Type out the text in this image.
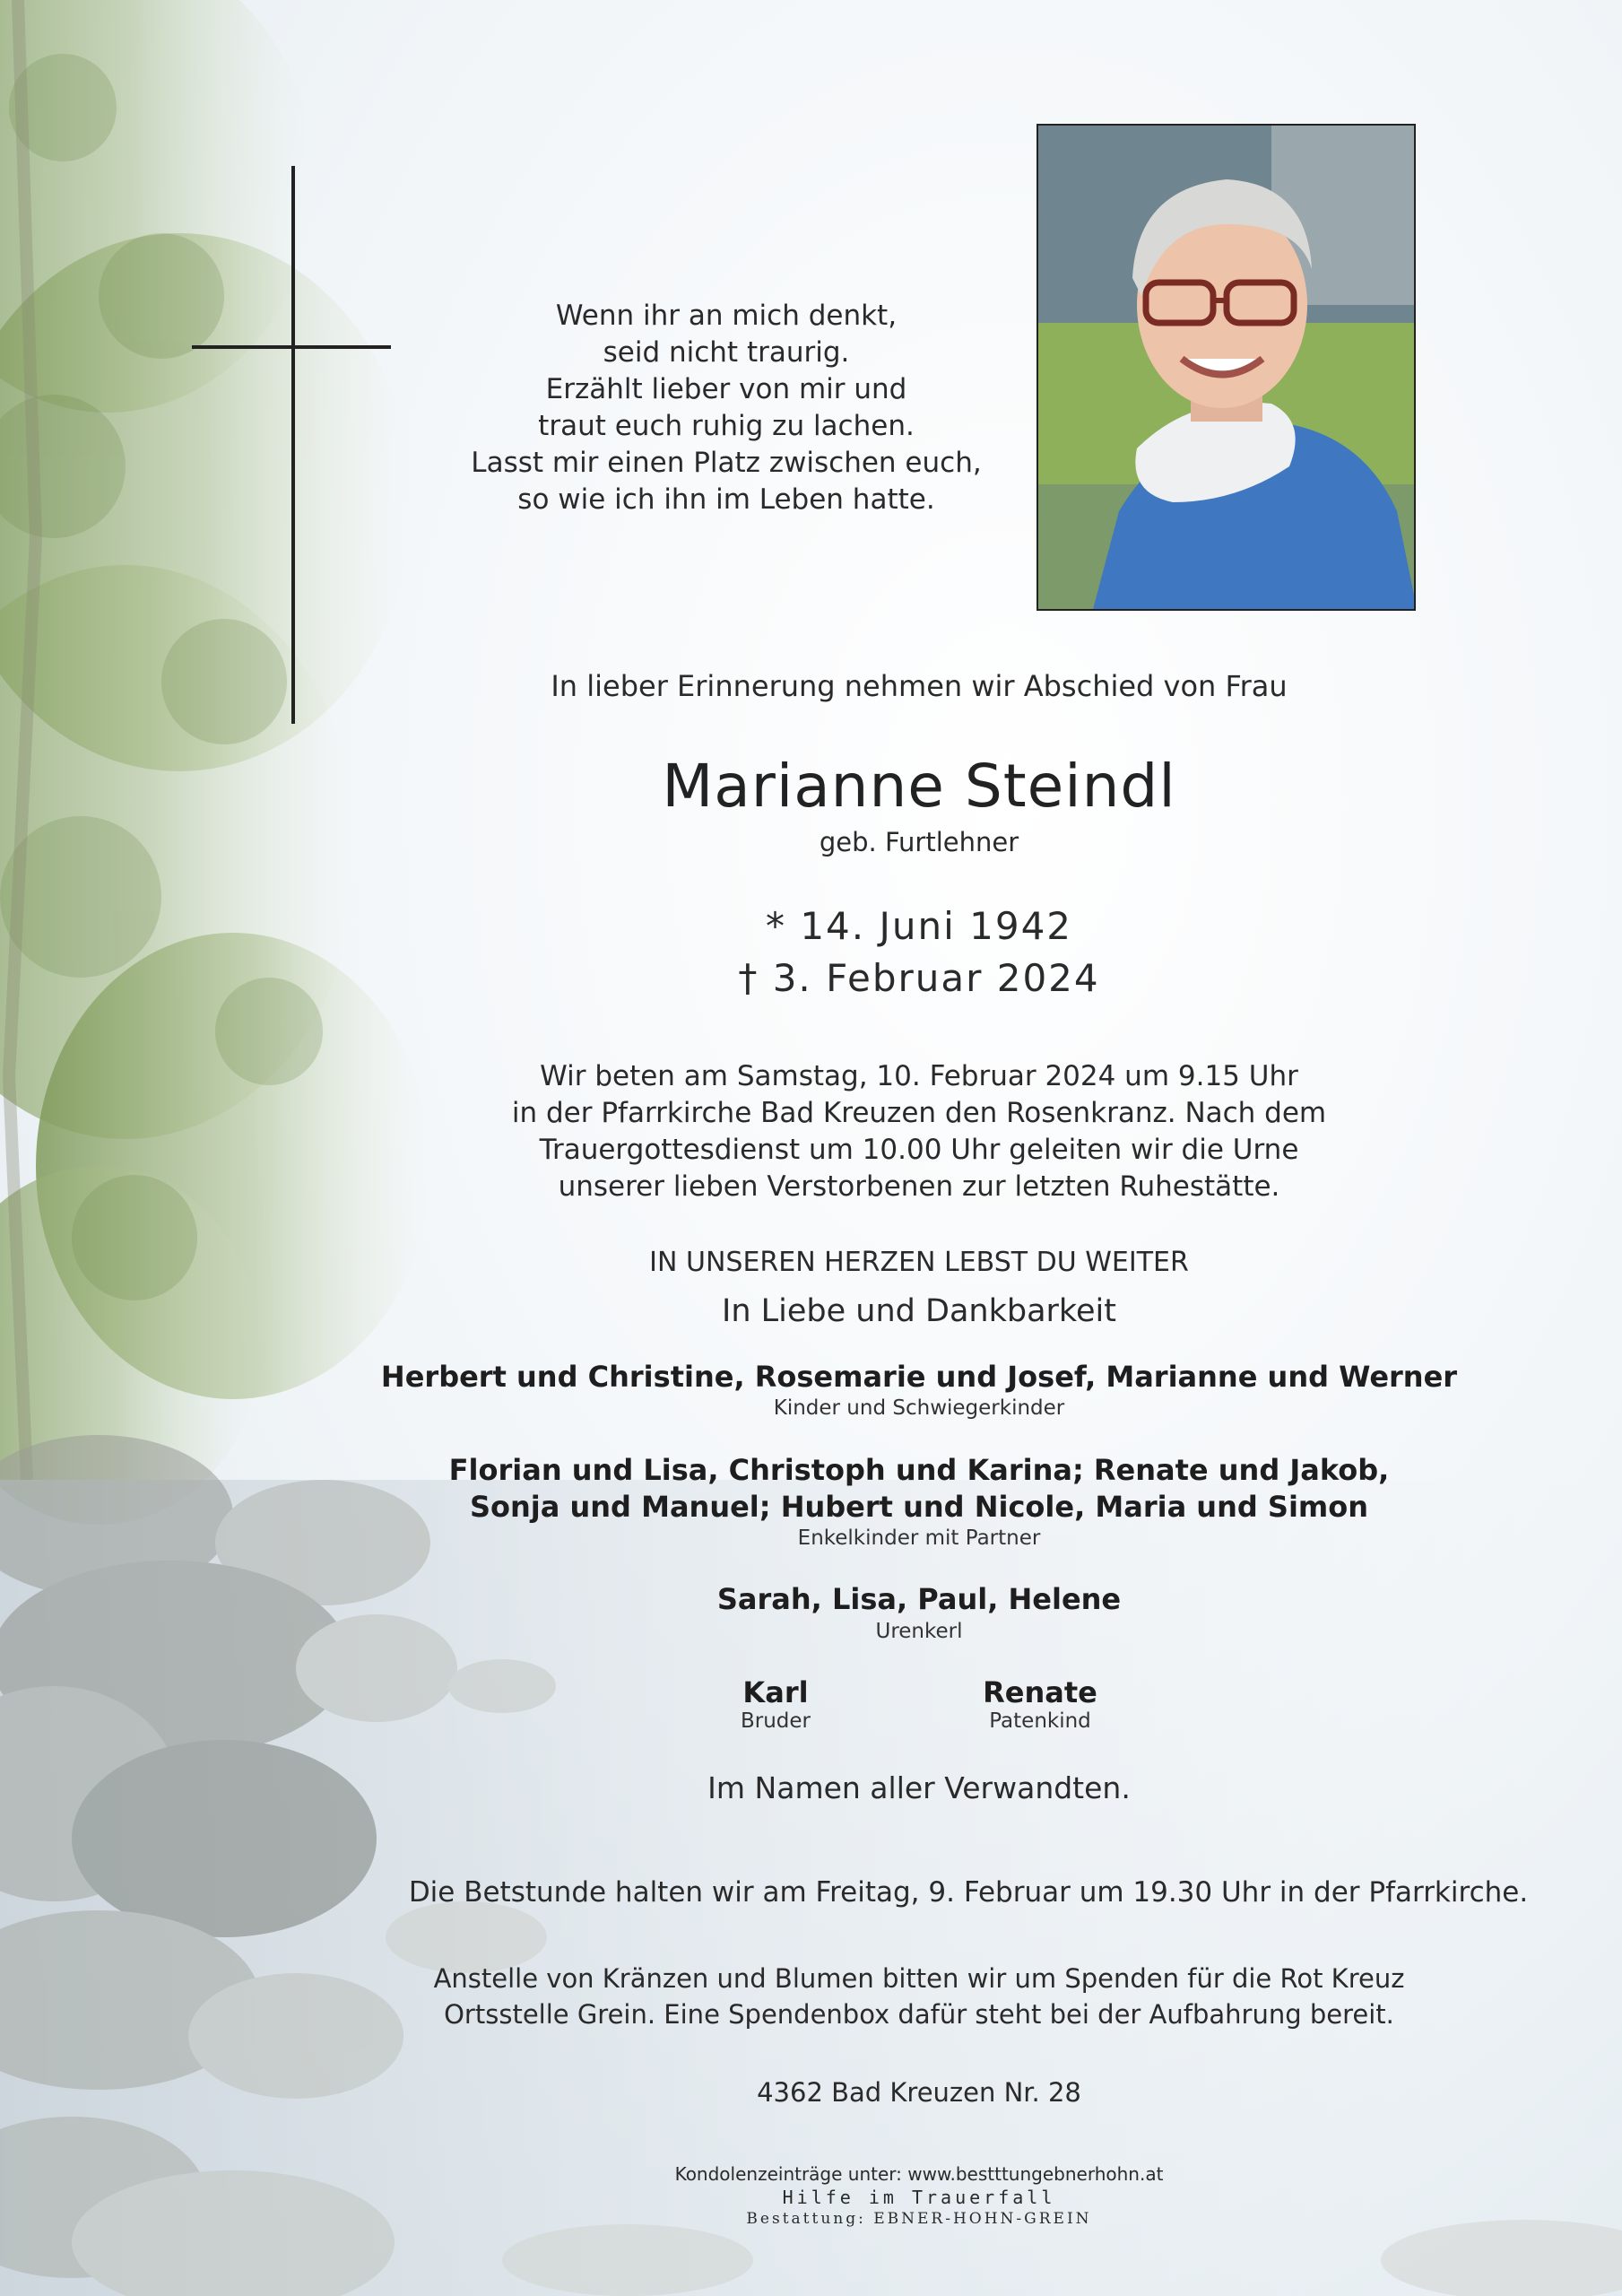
Wenn ihr an mich denkt,
seid nicht traurig.
Erzählt lieber von mir und
traut euch ruhig zu lachen.
Lasst mir einen Platz zwischen euch,
so wie ich ihn im Leben hatte.
In lieber Erinnerung nehmen wir Abschied von Frau
Marianne Steindl
geb. Furtlehner
* 14. Juni 1942
† 3. Februar 2024
Wir beten am Samstag, 10. Februar 2024 um 9.15 Uhr
in der Pfarrkirche Bad Kreuzen den Rosenkranz. Nach dem
Trauergottesdienst um 10.00 Uhr geleiten wir die Urne
unserer lieben Verstorbenen zur letzten Ruhestätte.
IN UNSEREN HERZEN LEBST DU WEITER
In Liebe und Dankbarkeit
Herbert und Christine, Rosemarie und Josef, Marianne und Werner
Kinder und Schwiegerkinder
Florian und Lisa, Christoph und Karina; Renate und Jakob,
Sonja und Manuel; Hubert und Nicole, Maria und Simon
Enkelkinder mit Partner
Sarah, Lisa, Paul, Helene
Urenkerl
Karl
Bruder
Renate
Patenkind
Im Namen aller Verwandten.
Die Betstunde halten wir am Freitag, 9. Februar um 19.30 Uhr in der Pfarrkirche.
Anstelle von Kränzen und Blumen bitten wir um Spenden für die Rot Kreuz
Ortsstelle Grein. Eine Spendenbox dafür steht bei der Aufbahrung bereit.
4362 Bad Kreuzen Nr. 28
Kondolenzeinträge unter: www.bestttungebnerhohn.at
Hilfe im Trauerfall
Bestattung: EBNER-HOHN-GREIN
